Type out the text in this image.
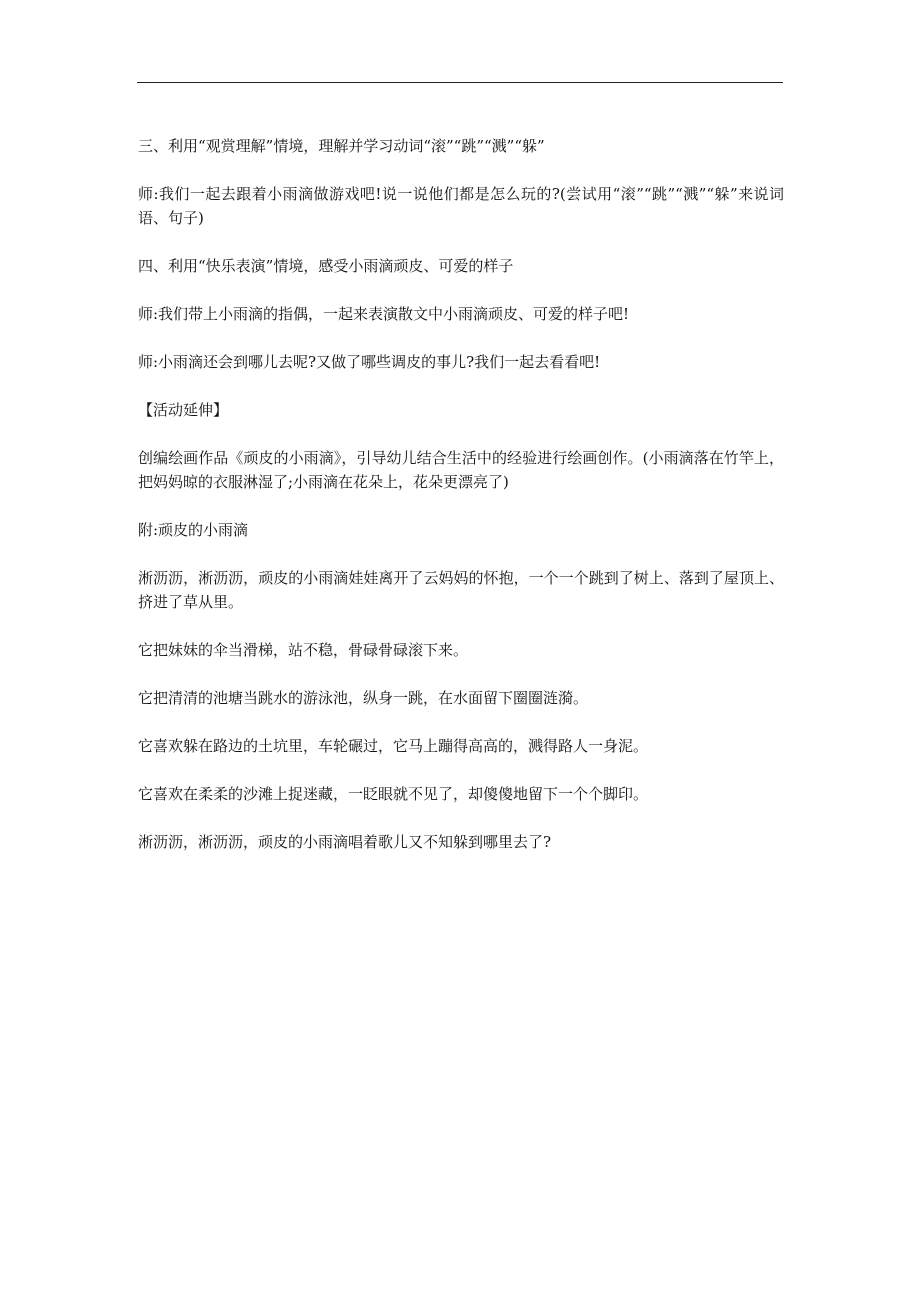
三、利用“观赏理解”情境，理解并学习动词“滚”“跳”“溅”“躲”

师:我们一起去跟着小雨滴做游戏吧!说一说他们都是怎么玩的?(尝试用“滚”“跳”“溅”“躲”来说词语、句子)

四、利用“快乐表演”情境，感受小雨滴顽皮、可爱的样子

师:我们带上小雨滴的指偶，一起来表演散文中小雨滴顽皮、可爱的样子吧!

师:小雨滴还会到哪儿去呢?又做了哪些调皮的事儿?我们一起去看看吧!

【活动延伸】

创编绘画作品《顽皮的小雨滴》，引导幼儿结合生活中的经验进行绘画创作。(小雨滴落在竹竿上，把妈妈晾的衣服淋湿了;小雨滴在花朵上，花朵更漂亮了)

附:顽皮的小雨滴

淅沥沥，淅沥沥，顽皮的小雨滴娃娃离开了云妈妈的怀抱，一个一个跳到了树上、落到了屋顶上、挤进了草从里。

它把妹妹的伞当滑梯，站不稳，骨碌骨碌滚下来。

它把清清的池塘当跳水的游泳池，纵身一跳，在水面留下圈圈涟漪。

它喜欢躲在路边的土坑里，车轮碾过，它马上蹦得高高的，溅得路人一身泥。

它喜欢在柔柔的沙滩上捉迷藏，一眨眼就不见了，却傻傻地留下一个个脚印。

淅沥沥，淅沥沥，顽皮的小雨滴唱着歌儿又不知躲到哪里去了?
